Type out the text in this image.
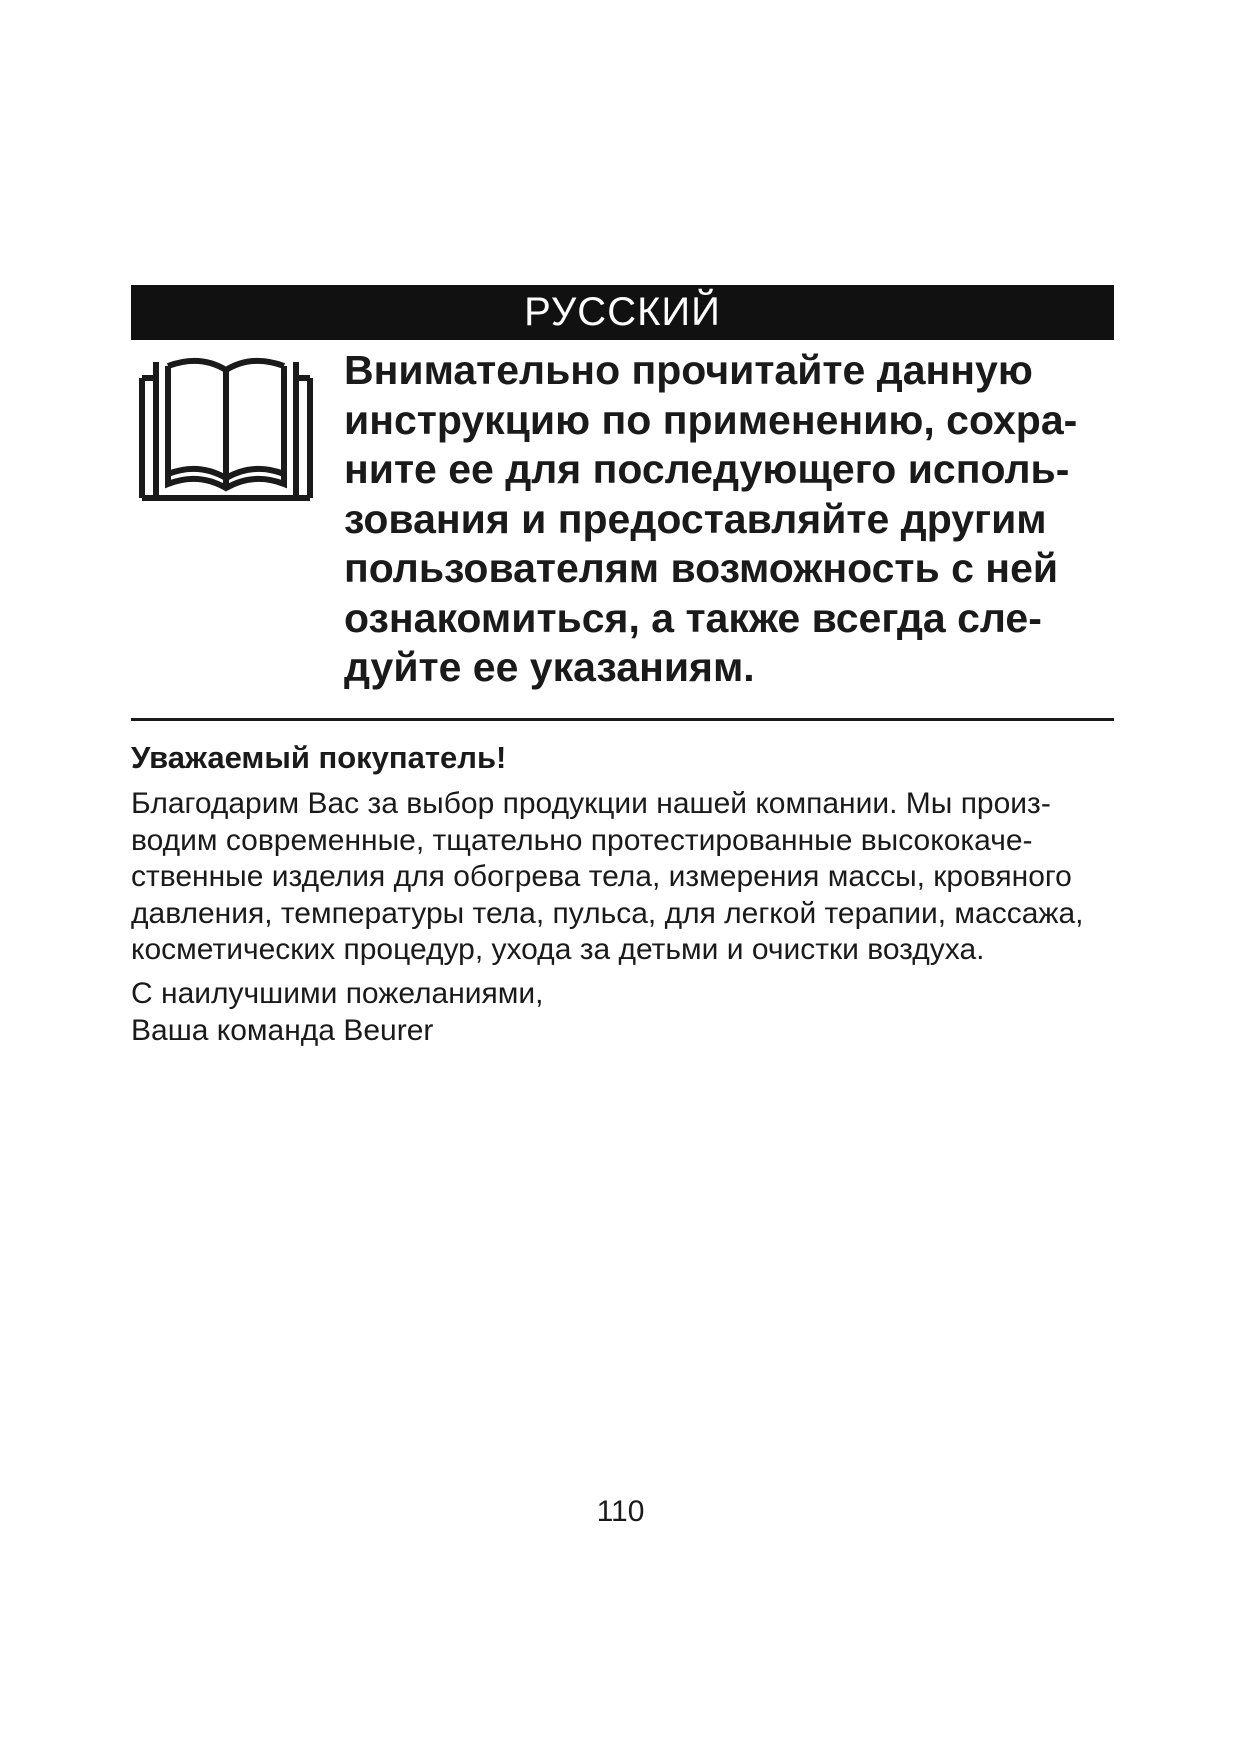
РУССКИЙ

Внимательно прочитайте данную
инструкцию по применению, сохра-
ните ее для последующего исполь-
зования и предоставляйте другим
пользователям возможность с ней
ознакомиться, а также всегда сле-
дуйте ее указаниям.

Уважаемый покупатель!

Благодарим Вас за выбор продукции нашей компании. Мы произ-
водим современные, тщательно протестированные высококаче-
ственные изделия для обогрева тела, измерения массы, кровяного
давления, температуры тела, пульса, для легкой терапии, массажа,
косметических процедур, ухода за детьми и очистки воздуха.

С наилучшими пожеланиями,
Ваша команда Beurer

110
